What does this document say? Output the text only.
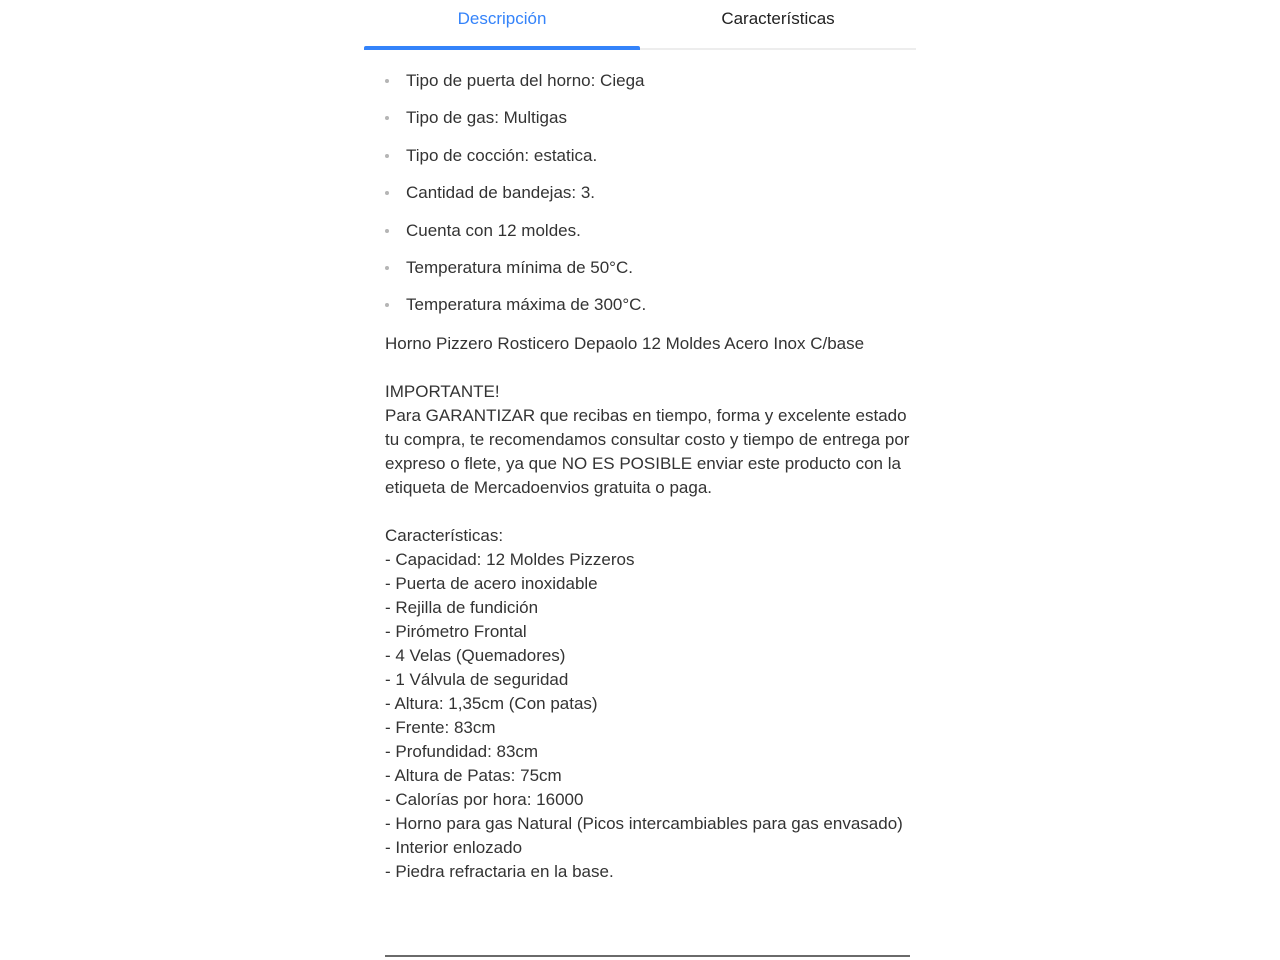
Descripción	Características
Tipo de puerta del horno: Ciega
Tipo de gas: Multigas
Tipo de cocción: estatica.
Cantidad de bandejas: 3.
Cuenta con 12 moldes.
Temperatura mínima de 50°C.
Temperatura máxima de 300°C.
Horno Pizzero Rosticero Depaolo 12 Moldes Acero Inox C/base
IMPORTANTE!
Para GARANTIZAR que recibas en tiempo, forma y excelente estado tu compra, te recomendamos consultar costo y tiempo de entrega por expreso o flete, ya que NO ES POSIBLE enviar este producto con la etiqueta de Mercadoenvios gratuita o paga.
Características:
- Capacidad: 12 Moldes Pizzeros
- Puerta de acero inoxidable
- Rejilla de fundición
- Pirómetro Frontal
- 4 Velas (Quemadores)
- 1 Válvula de seguridad
- Altura: 1,35cm (Con patas)
- Frente: 83cm
- Profundidad: 83cm
- Altura de Patas: 75cm
- Calorías por hora: 16000
- Horno para gas Natural (Picos intercambiables para gas envasado)
- Interior enlozado
- Piedra refractaria en la base.
